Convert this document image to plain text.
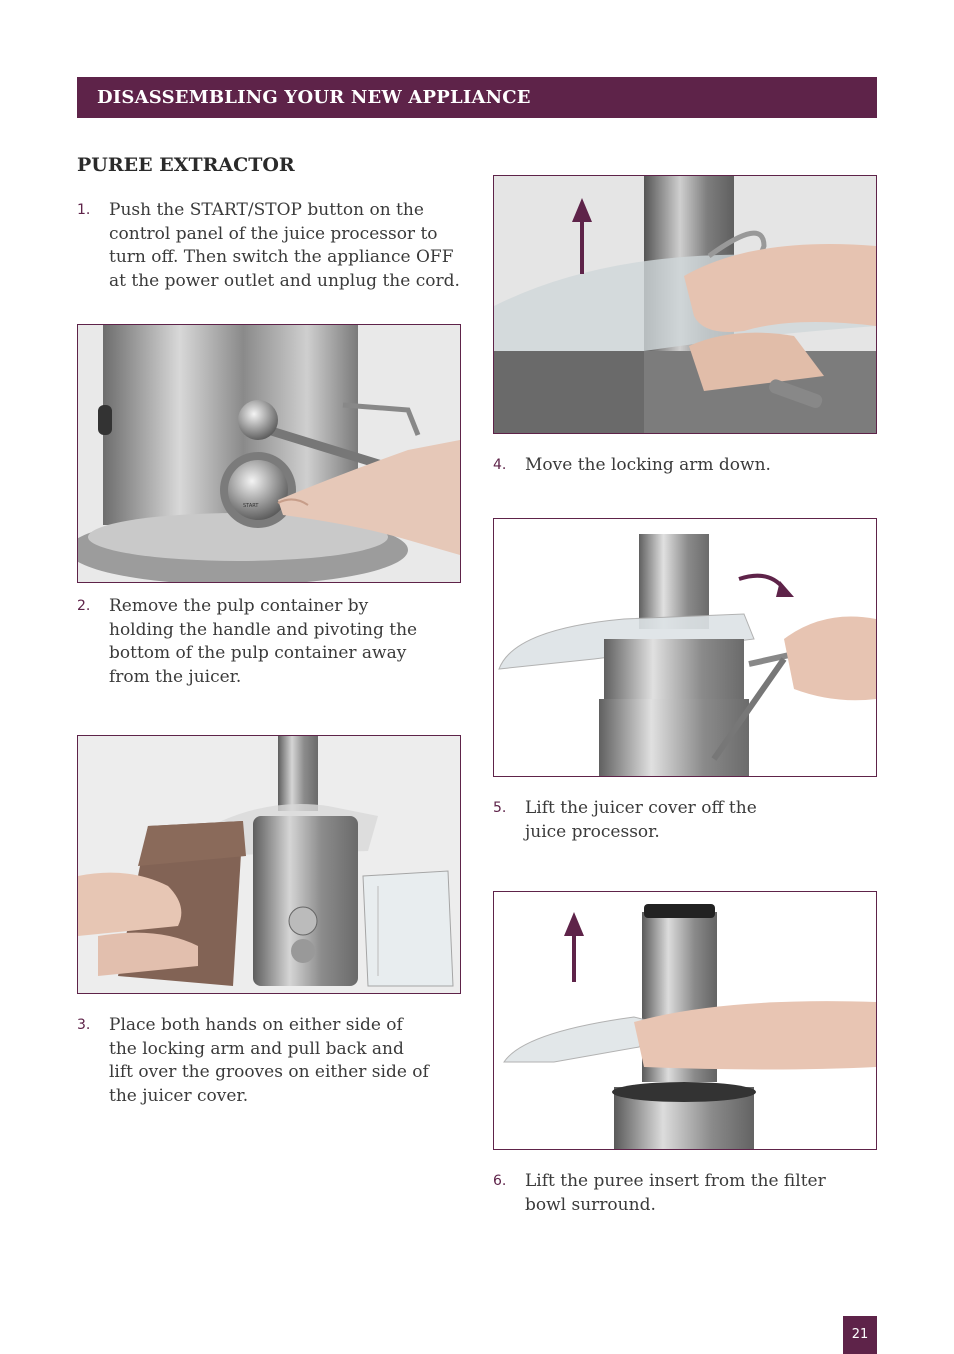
DISASSEMBLING YOUR NEW APPLIANCE
PUREE EXTRACTOR
1.	Push the START/STOP button on the
control panel of the juice processor to
turn off. Then switch the appliance OFF
at the power outlet and unplug the cord.
START
2.	Remove the pulp container by
holding the handle and pivoting the
bottom of the pulp container away
from the juicer.
3.	Place both hands on either side of
the locking arm and pull back and
lift over the grooves on either side of
the juicer cover.
4.	Move the locking arm down.
5.	Lift the juicer cover off the
juice processor.
6.	Lift the puree insert from the filter
bowl surround.
21
